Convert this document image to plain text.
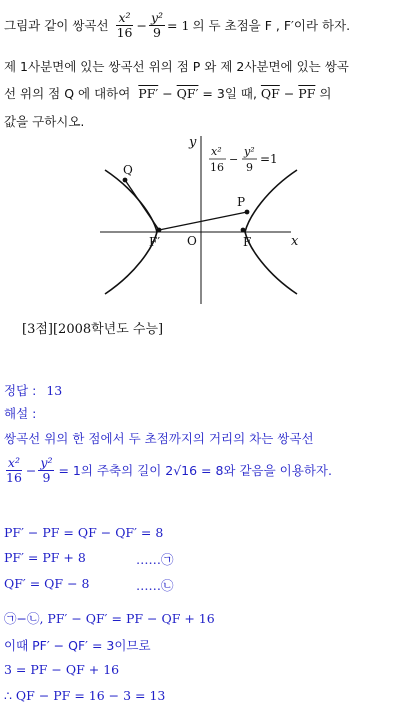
그림과 같이 쌍곡선 $\frac{\text{x²}}{16} - \frac{\text{y²}}{9} = 1$ 의 두 초점을 F , F′이라 하자.
제 1사분면에 있는 쌍곡선 위의 점 P 와 제 2사분면에 있는 쌍곡
선 위의 점 Q 에 대하여 PF′ − QF′ = 3일 때, $\overline{QF} - \overline{PF}$ 의
값을 구하시오.
Q
P
F′	F
O	x
y
x²
16
−
y²
9
=1
[3점][2008학년도 수능]
정답 : 13
해설 :
쌍곡선 위의 한 점에서 두 초점까지의 거리의 차는 쌍곡선
$\frac{\text{x²}}{16} - \frac{\text{y²}}{9} = 1$의 주축의 길이 2√16 = 8와 같음을 이용하자.
PF′ − PF = QF − QF′ = 8
PF′ = PF + 8	……㉠
QF′ = QF − 8	……㉡
㉠−㉡, PF′ − QF′ = PF − QF + 16
이때 PF′ − QF′ = 3이므로
3 = PF − QF + 16
∴ QF − PF = 16 − 3 = 13
